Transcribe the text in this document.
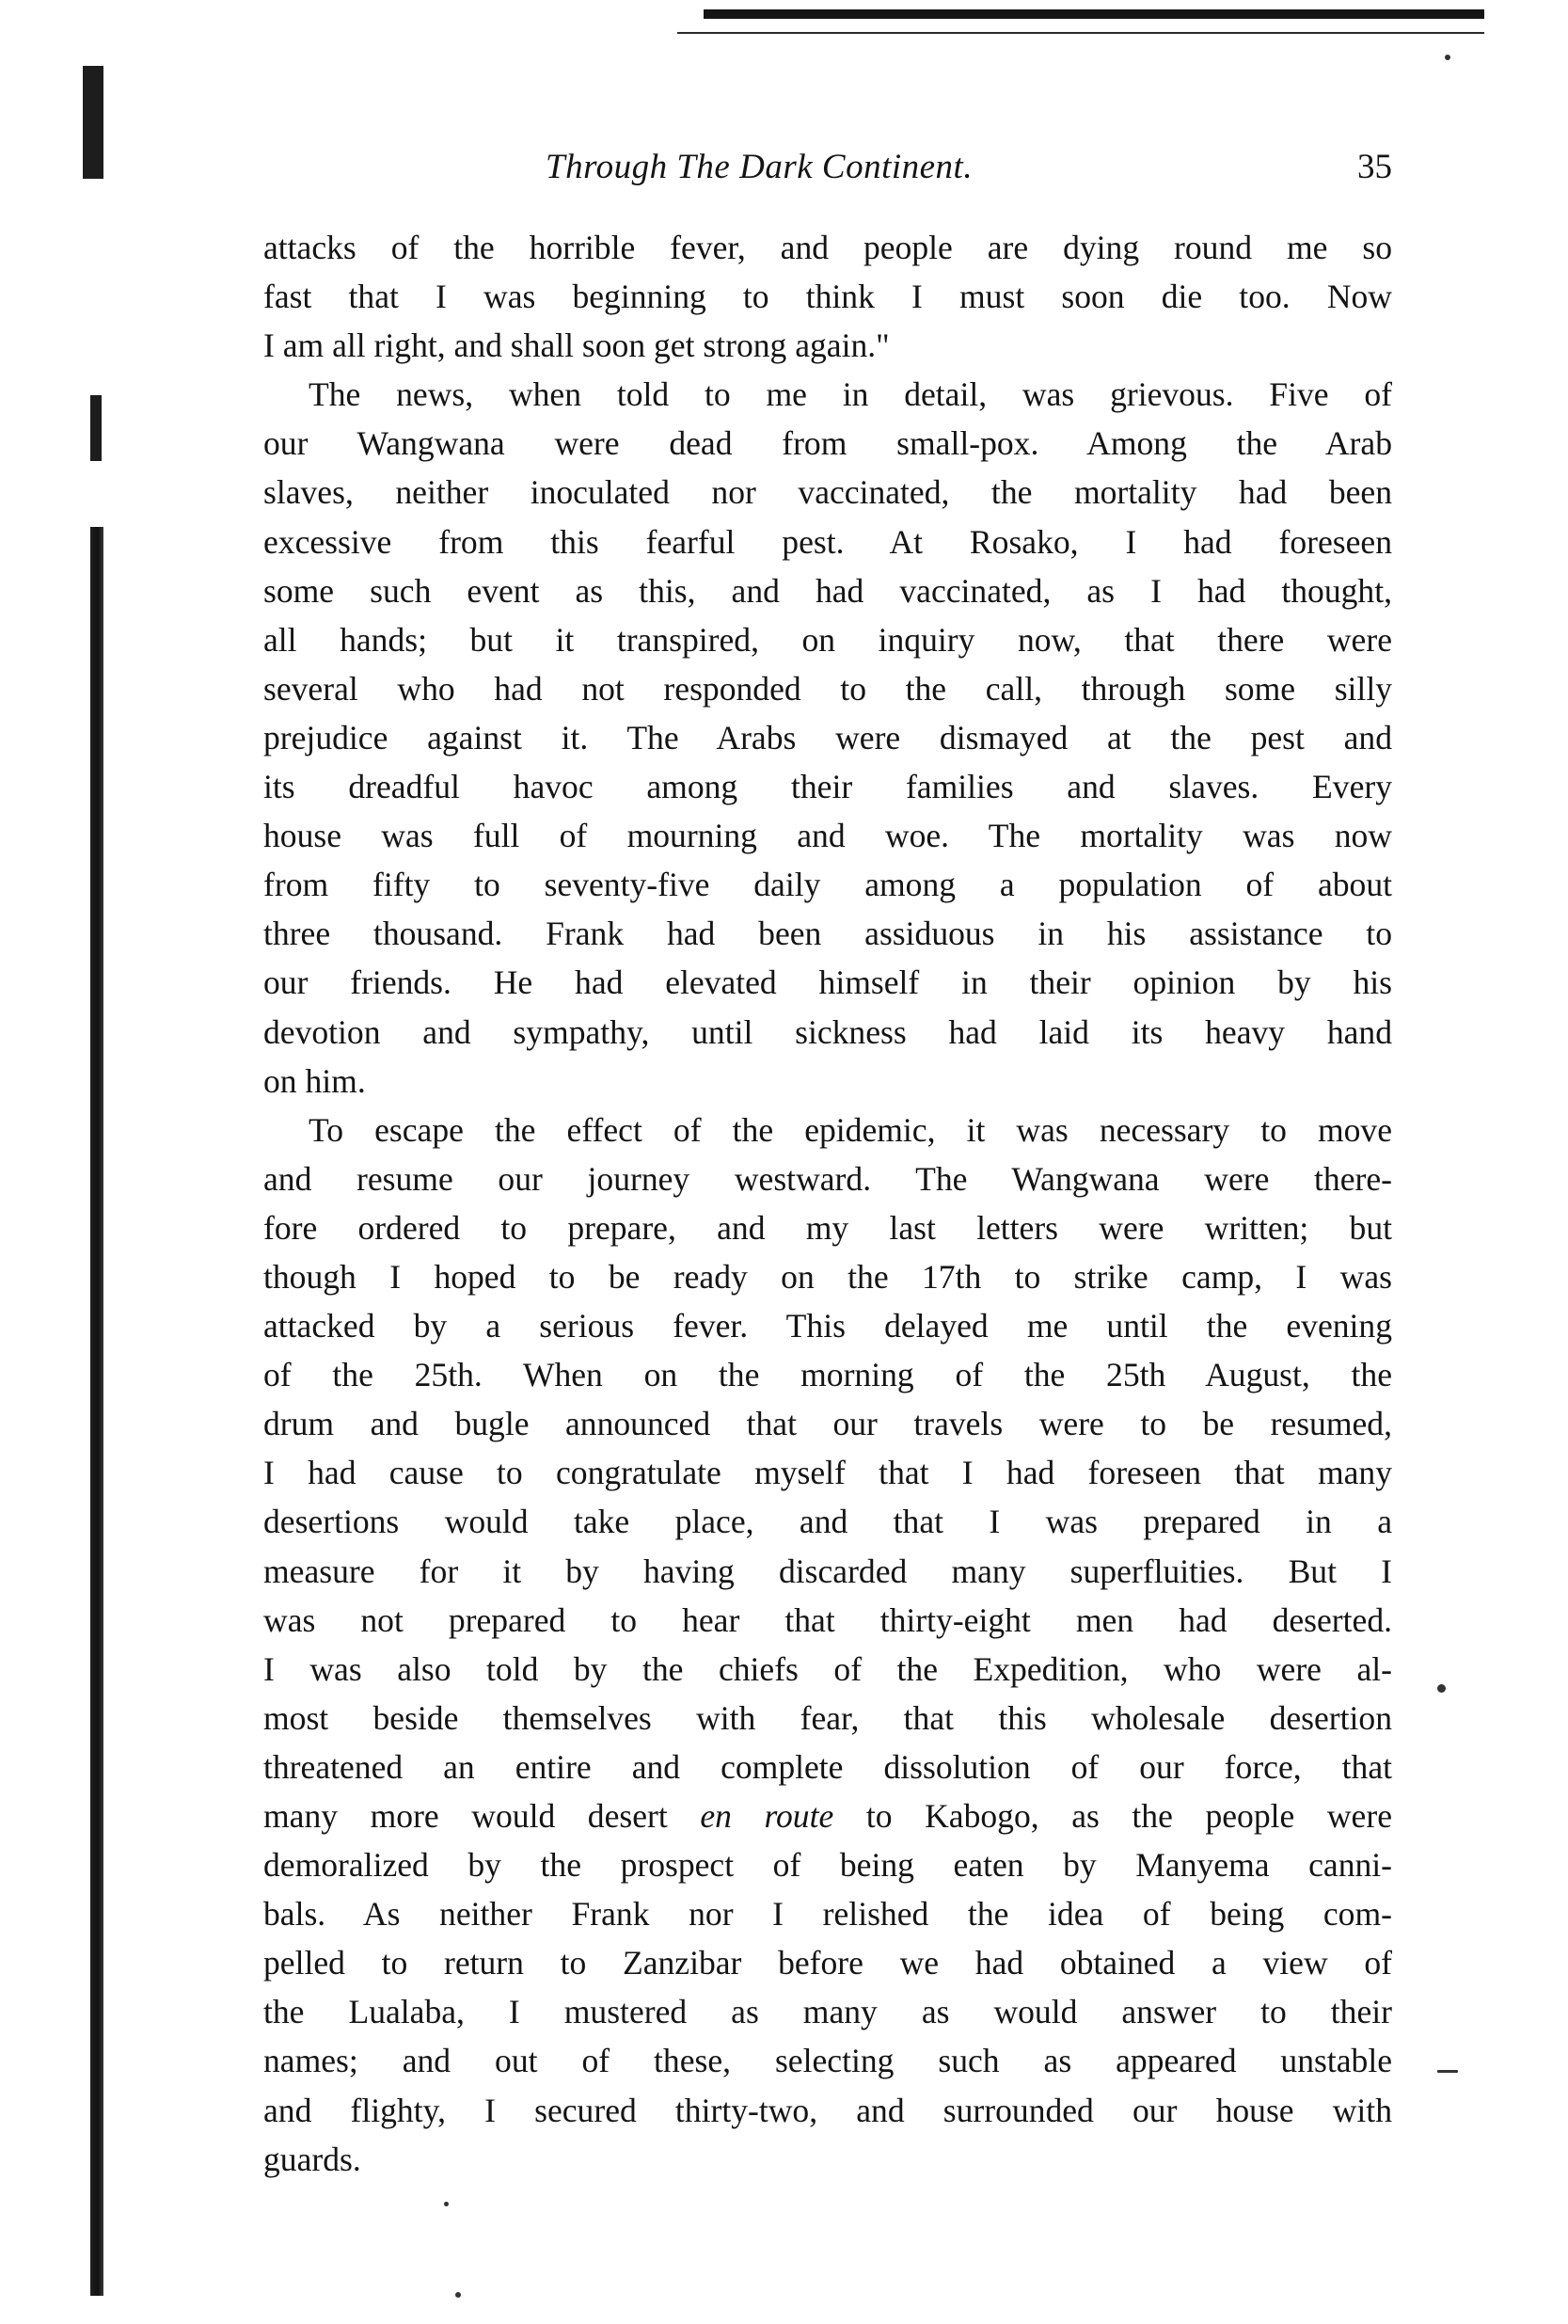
Through The Dark Continent.	35
attacks of the horrible fever, and people are dying round me so
fast that I was beginning to think I must soon die too. Now
I am all right, and shall soon get strong again."
The news, when told to me in detail, was grievous. Five of
our Wangwana were dead from small-pox. Among the Arab
slaves, neither inoculated nor vaccinated, the mortality had been
excessive from this fearful pest. At Rosako, I had foreseen
some such event as this, and had vaccinated, as I had thought,
all hands; but it transpired, on inquiry now, that there were
several who had not responded to the call, through some silly
prejudice against it. The Arabs were dismayed at the pest and
its dreadful havoc among their families and slaves. Every
house was full of mourning and woe. The mortality was now
from fifty to seventy-five daily among a population of about
three thousand. Frank had been assiduous in his assistance to
our friends. He had elevated himself in their opinion by his
devotion and sympathy, until sickness had laid its heavy hand
on him.
To escape the effect of the epidemic, it was necessary to move
and resume our journey westward. The Wangwana were there-
fore ordered to prepare, and my last letters were written; but
though I hoped to be ready on the 17th to strike camp, I was
attacked by a serious fever. This delayed me until the evening
of the 25th. When on the morning of the 25th August, the
drum and bugle announced that our travels were to be resumed,
I had cause to congratulate myself that I had foreseen that many
desertions would take place, and that I was prepared in a
measure for it by having discarded many superfluities. But I
was not prepared to hear that thirty-eight men had deserted.
I was also told by the chiefs of the Expedition, who were al-
most beside themselves with fear, that this wholesale desertion
threatened an entire and complete dissolution of our force, that
many more would desert en route to Kabogo, as the people were
demoralized by the prospect of being eaten by Manyema canni-
bals. As neither Frank nor I relished the idea of being com-
pelled to return to Zanzibar before we had obtained a view of
the Lualaba, I mustered as many as would answer to their
names; and out of these, selecting such as appeared unstable
and flighty, I secured thirty-two, and surrounded our house with
guards.
